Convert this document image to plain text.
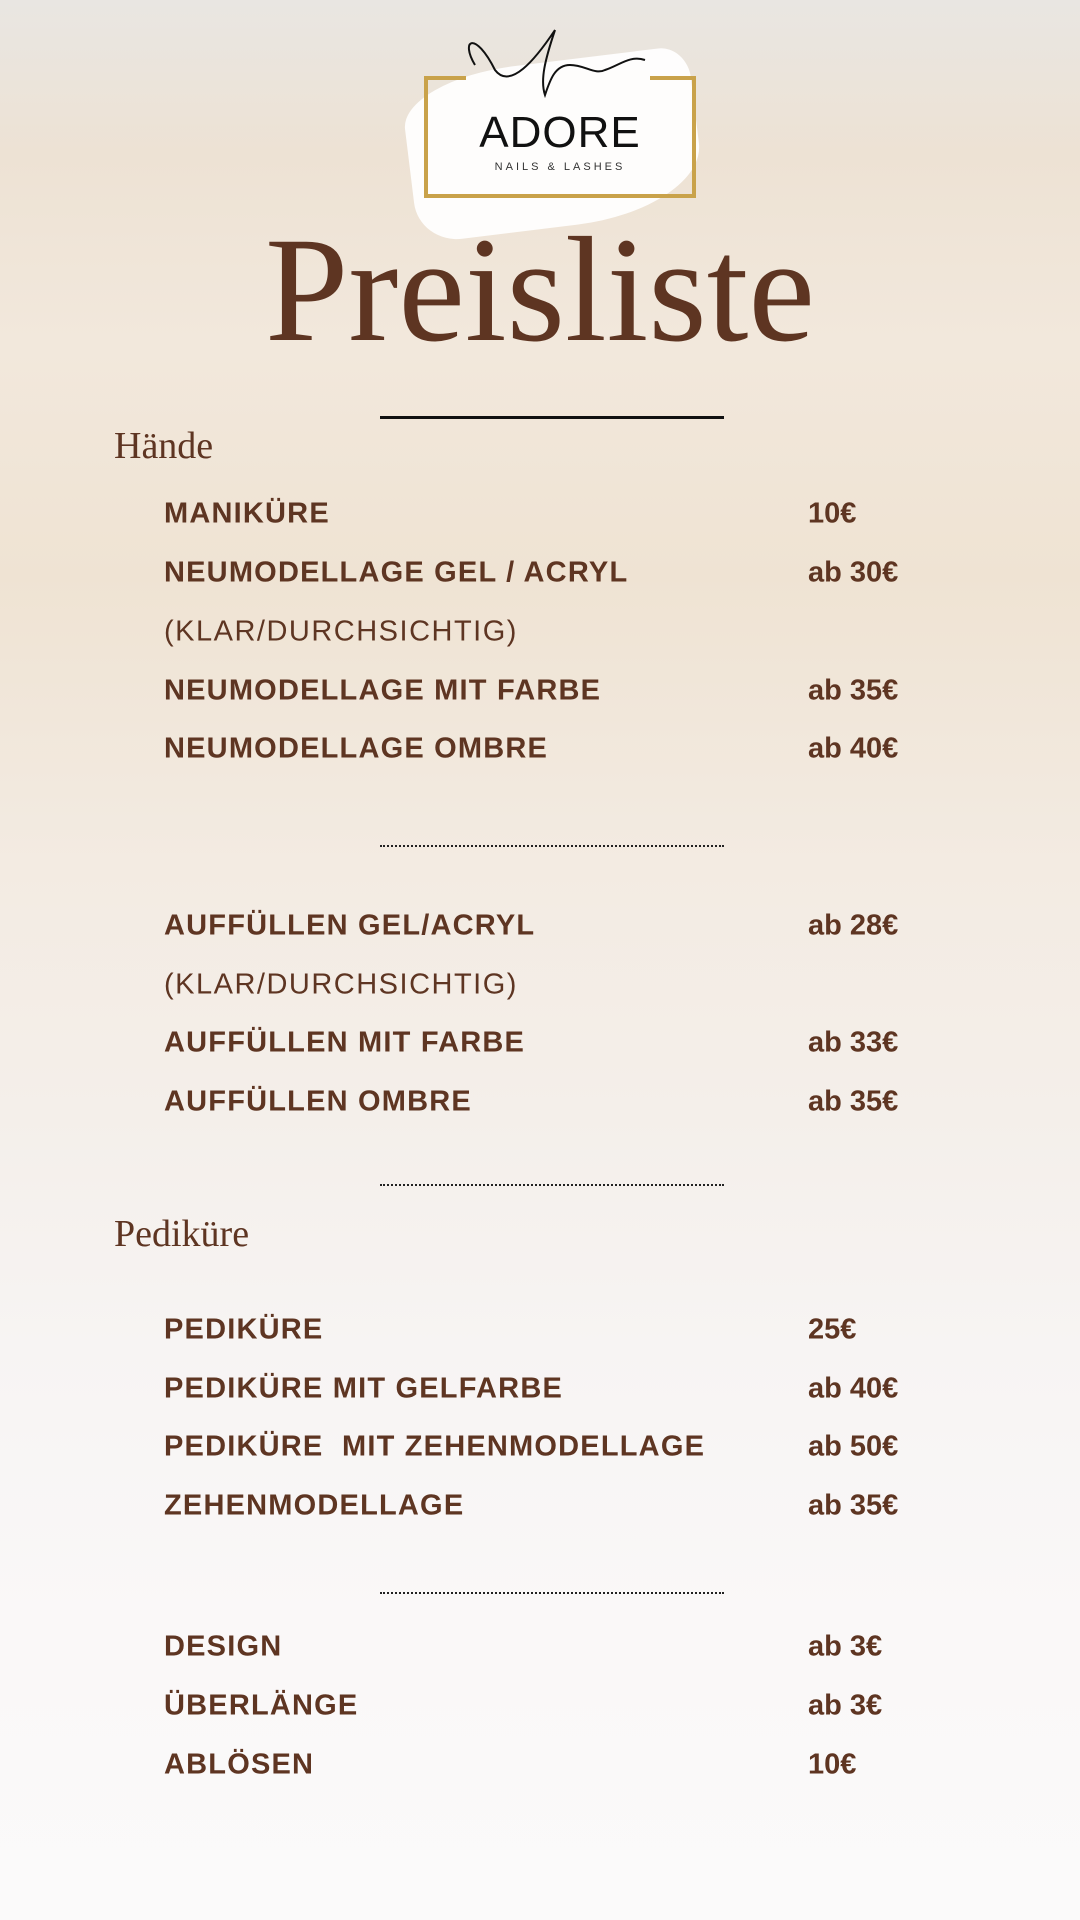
ADORE
NAILS & LASHES
Preisliste
Hände
MANIKÜRE	10€
NEUMODELLAGE GEL / ACRYL	ab 30€
(KLAR/DURCHSICHTIG)
NEUMODELLAGE MIT FARBE	ab 35€
NEUMODELLAGE OMBRE	ab 40€
AUFFÜLLEN GEL/ACRYL	ab 28€
(KLAR/DURCHSICHTIG)
AUFFÜLLEN MIT FARBE	ab 33€
AUFFÜLLEN OMBRE	ab 35€
Pediküre
PEDIKÜRE	25€
PEDIKÜRE MIT GELFARBE	ab 40€
PEDIKÜRE  MIT ZEHENMODELLAGE	ab 50€
ZEHENMODELLAGE	ab 35€
DESIGN	ab 3€
ÜBERLÄNGE	ab 3€
ABLÖSEN	10€
